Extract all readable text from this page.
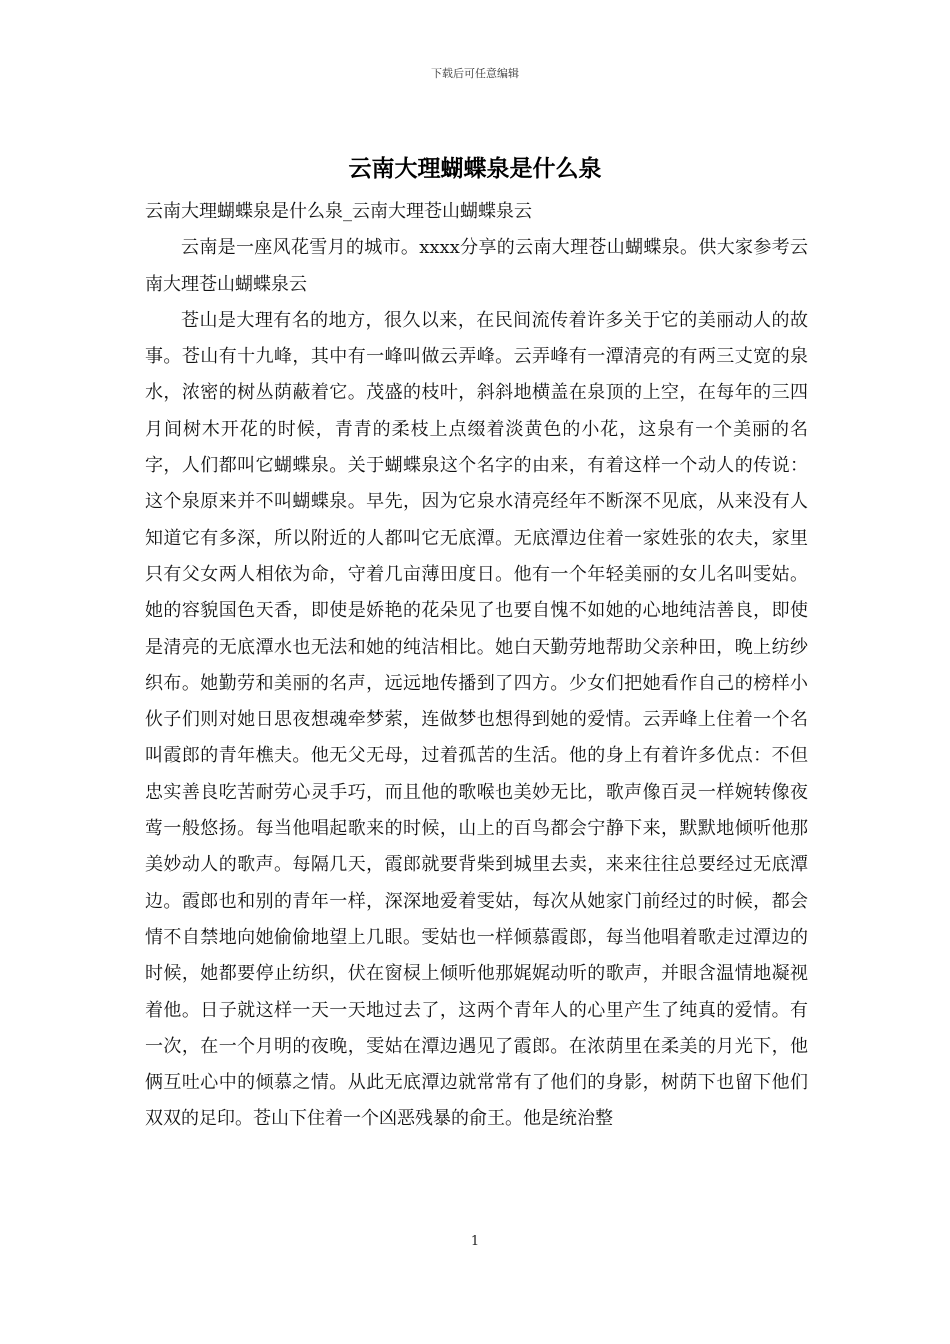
下载后可任意编辑
云南大理蝴蝶泉是什么泉

云南大理蝴蝶泉是什么泉_云南大理苍山蝴蝶泉云

云南是一座风花雪月的城市。xxxx分享的云南大理苍山蝴蝶泉。供大家参考云南大理苍山蝴蝶泉云

苍山是大理有名的地方，很久以来，在民间流传着许多关于它的美丽动人的故事。苍山有十九峰，其中有一峰叫做云弄峰。云弄峰有一潭清亮的有两三丈宽的泉水，浓密的树丛荫蔽着它。茂盛的枝叶，斜斜地横盖在泉顶的上空，在每年的三四月间树木开花的时候，青青的柔枝上点缀着淡黄色的小花，这泉有一个美丽的名字，人们都叫它蝴蝶泉。关于蝴蝶泉这个名字的由来，有着这样一个动人的传说：这个泉原来并不叫蝴蝶泉。早先，因为它泉水清亮经年不断深不见底，从来没有人知道它有多深，所以附近的人都叫它无底潭。无底潭边住着一家姓张的农夫，家里只有父女两人相依为命，守着几亩薄田度日。他有一个年轻美丽的女儿名叫雯姑。她的容貌国色天香，即使是娇艳的花朵见了也要自愧不如她的心地纯洁善良，即使是清亮的无底潭水也无法和她的纯洁相比。她白天勤劳地帮助父亲种田，晚上纺纱织布。她勤劳和美丽的名声，远远地传播到了四方。少女们把她看作自己的榜样小伙子们则对她日思夜想魂牵梦萦，连做梦也想得到她的爱情。云弄峰上住着一个名叫霞郎的青年樵夫。他无父无母，过着孤苦的生活。他的身上有着许多优点：不但忠实善良吃苦耐劳心灵手巧，而且他的歌喉也美妙无比，歌声像百灵一样婉转像夜莺一般悠扬。每当他唱起歌来的时候，山上的百鸟都会宁静下来，默默地倾听他那美妙动人的歌声。每隔几天，霞郎就要背柴到城里去卖，来来往往总要经过无底潭边。霞郎也和别的青年一样，深深地爱着雯姑，每次从她家门前经过的时候，都会情不自禁地向她偷偷地望上几眼。雯姑也一样倾慕霞郎，每当他唱着歌走过潭边的时候，她都要停止纺织，伏在窗棂上倾听他那娓娓动听的歌声，并眼含温情地凝视着他。日子就这样一天一天地过去了，这两个青年人的心里产生了纯真的爱情。有一次，在一个月明的夜晚，雯姑在潭边遇见了霞郎。在浓荫里在柔美的月光下，他俩互吐心中的倾慕之情。从此无底潭边就常常有了他们的身影，树荫下也留下他们双双的足印。苍山下住着一个凶恶残暴的俞王。他是统治整

1
